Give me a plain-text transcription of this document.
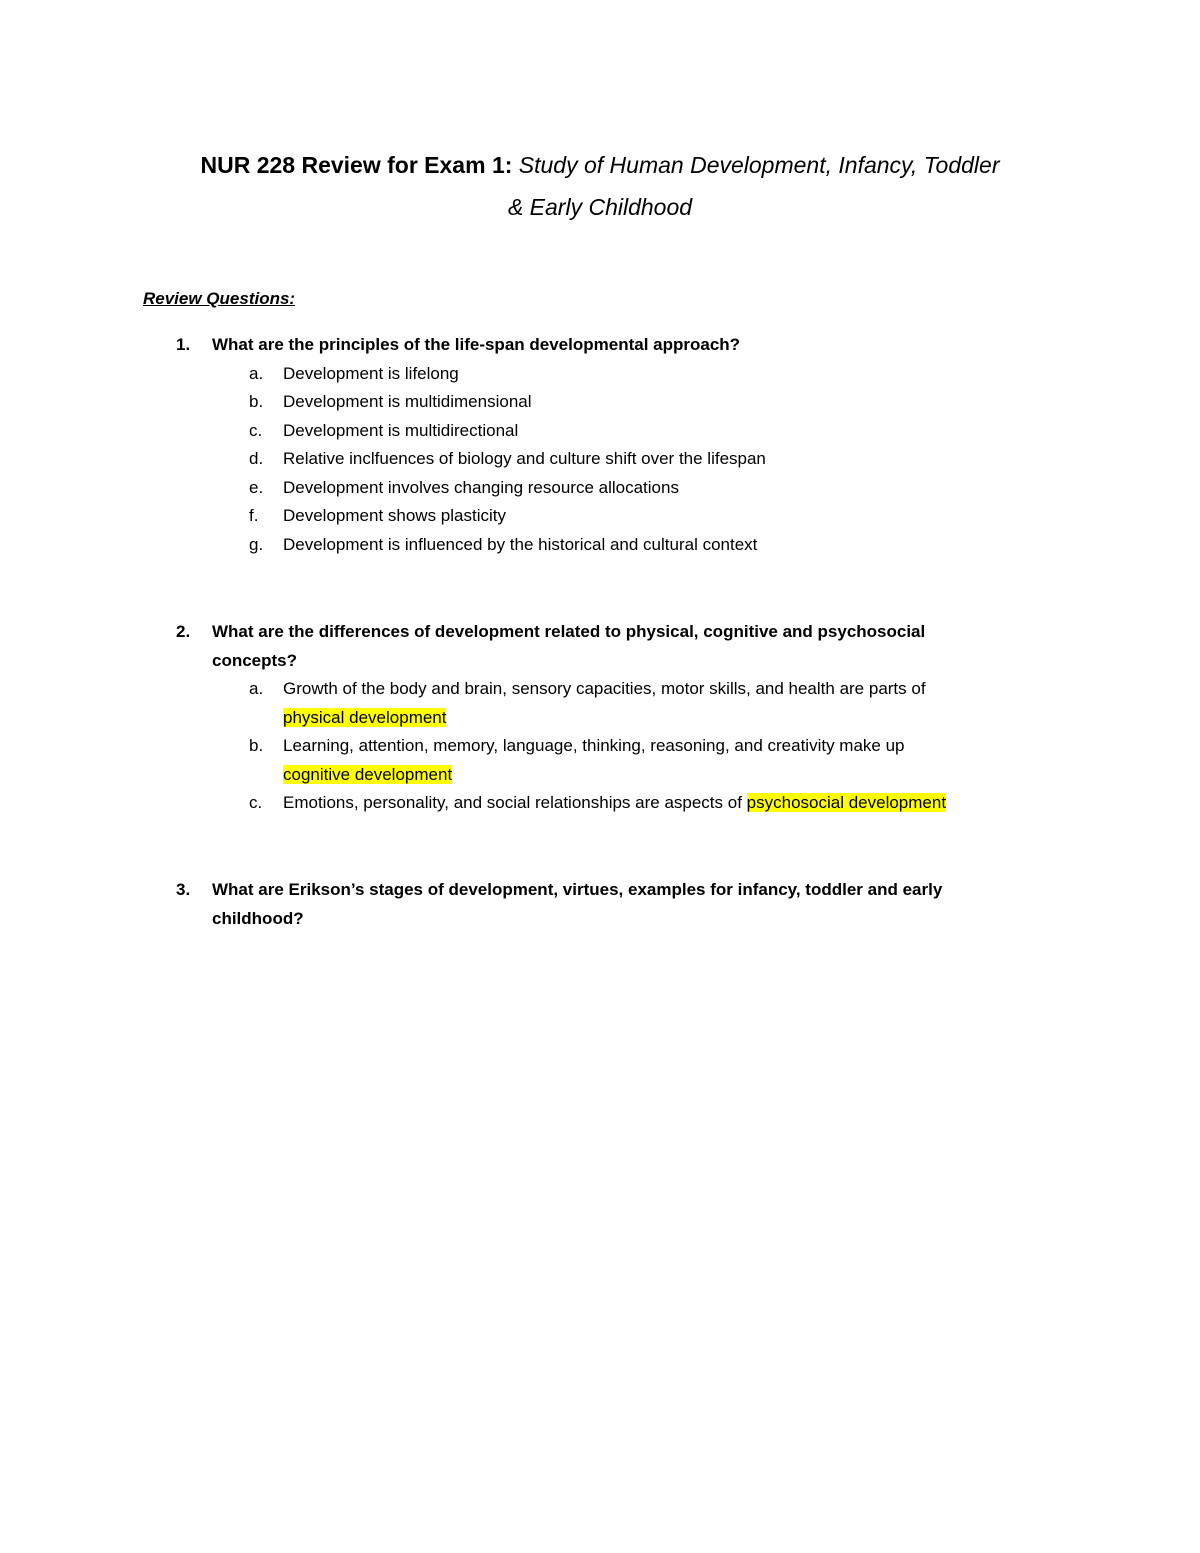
NUR 228 Review for Exam 1: Study of Human Development, Infancy, Toddler
& Early Childhood
Review Questions:
1. What are the principles of the life-span developmental approach?
a. Development is lifelong
b. Development is multidimensional
c. Development is multidirectional
d. Relative inclfuences of biology and culture shift over the lifespan
e. Development involves changing resource allocations
f. Development shows plasticity
g. Development is influenced by the historical and cultural context
2. What are the differences of development related to physical, cognitive and psychosocial
concepts?
a. Growth of the body and brain, sensory capacities, motor skills, and health are parts of
physical development
b. Learning, attention, memory, language, thinking, reasoning, and creativity make up
cognitive development
c. Emotions, personality, and social relationships are aspects of psychosocial development
3. What are Erikson’s stages of development, virtues, examples for infancy, toddler and early
childhood?
